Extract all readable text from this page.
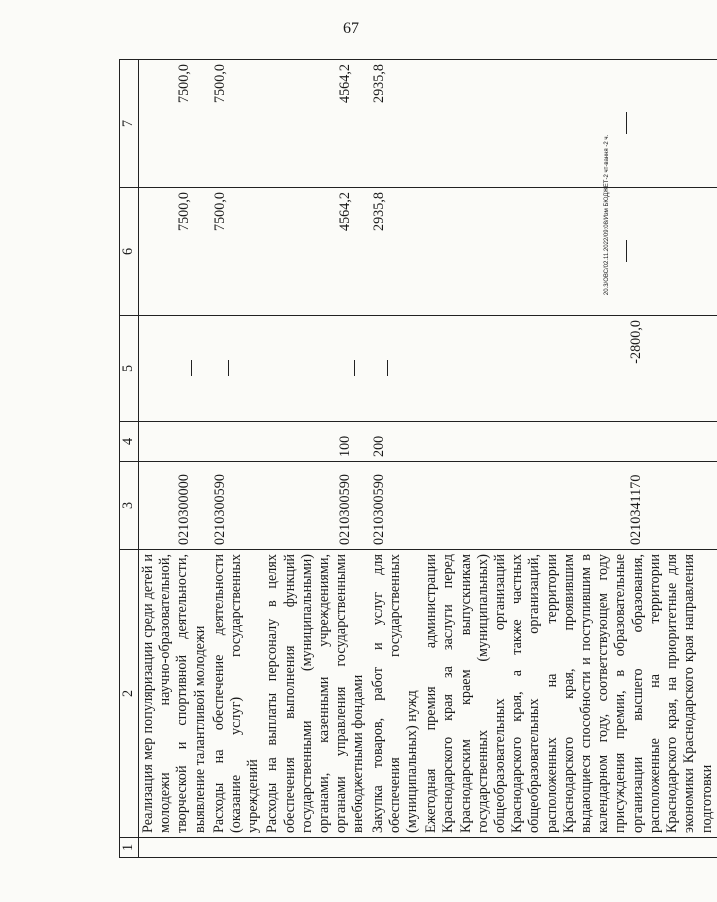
67
20.3/ОВС/02.11.2022/09:08/Изм БЮДЖЕТ-2 чт-вання -2 ч.
1	2	3	4	5	6	7
	Реализация мер популяризации среди детей и молодежи научно-образовательной, творческой и спортивной деятельности, выявление талантливой молодежи	0210300000			7500,0	7500,0
	Расходы на обеспечение деятельности (оказание услуг) государственных учреждений	0210300590			7500,0	7500,0
	Расходы на выплаты персоналу в целях обеспечения выполнения функций государственными (муниципальными) органами, казенными учреждениями, органами управления государственными внебюджетными фондами	0210300590	100		4564,2	4564,2
	Закупка товаров, работ и услуг для обеспечения государственных (муниципальных) нужд	0210300590	200		2935,8	2935,8
	Ежегодная премия администрации Краснодарского края за заслуги перед Краснодарским краем выпускникам государственных (муниципальных) общеобразовательных организаций Краснодарского края, а также частных общеобразовательных организаций, расположенных на территории Краснодарского края, проявившим выдающиеся способности и поступившим в календарном году, соответствующем году присуждения премии, в образовательные организации высшего образования, расположенные на территории Краснодарского края, на приоритетные для экономики Краснодарского края направления подготовки	0210341170		-2800,0		
